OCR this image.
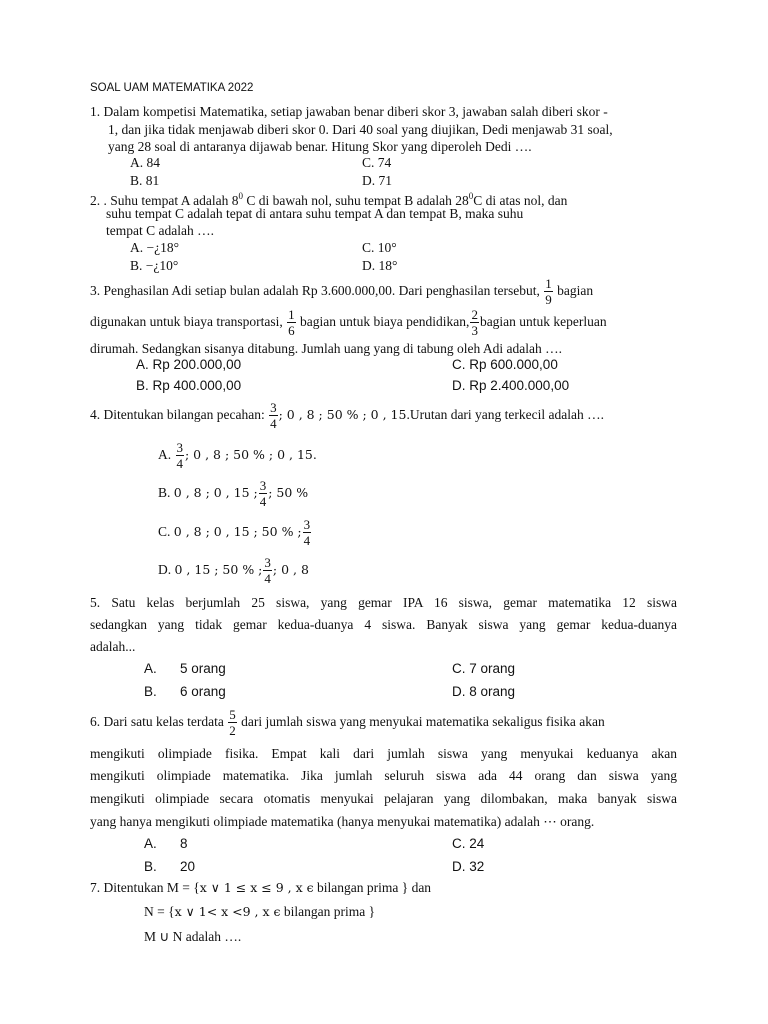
SOAL UAM MATEMATIKA 2022
1. Dalam kompetisi Matematika, setiap jawaban benar diberi skor 3, jawaban salah diberi skor -
1, dan jika tidak menjawab diberi skor 0. Dari 40 soal yang diujikan, Dedi menjawab 31 soal,
yang 28 soal di antaranya dijawab benar. Hitung Skor yang diperoleh Dedi ….
A. 84	C. 74
B. 81	D. 71
2. . Suhu tempat A adalah $8^0$ C di bawah nol, suhu tempat B adalah $28^0C$ di atas nol, dan
suhu tempat C adalah tepat di antara suhu tempat A dan tempat B, maka suhu
tempat C adalah ….
A. −¿18°	C. 10°
B. −¿10°	D. 18°
3. Penghasilan Adi setiap bulan adalah Rp 3.600.000,00. Dari penghasilan tersebut, $\frac{1}{9}$ bagian
digunakan untuk biaya transportasi, $\frac{1}{6}$ bagian untuk biaya pendidikan, $\frac{2}{3}$ bagian untuk keperluan
dirumah. Sedangkan sisanya ditabung. Jumlah uang yang di tabung oleh Adi adalah ….
A. Rp 200.000,00	C. Rp 600.000,00
B. Rp 400.000,00	D. Rp 2.400.000,00
4. Ditentukan bilangan pecahan: $\frac{3}{4}$ ; 0 , 8 ; 50 % ; 0 , 15.Urutan dari yang terkecil adalah ….
A. $\frac{3}{4}$ ; 0 , 8 ; 50 % ; 0 , 15.
B. 0 , 8 ; 0 , 15 ; $\frac{3}{4}$ ; 50 %
C. 0 , 8 ; 0 , 15 ; 50 % ; $\frac{3}{4}$
D. 0 , 15 ; 50 % ; $\frac{3}{4}$ ; 0 , 8
5. Satu kelas berjumlah 25 siswa, yang gemar IPA 16 siswa, gemar matematika 12 siswa
sedangkan yang tidak gemar kedua-duanya 4 siswa. Banyak siswa yang gemar kedua-duanya
adalah...
A. 5 orang	C. 7 orang
B. 6 orang	D. 8 orang
6. Dari satu kelas terdata $\frac{5}{2}$ dari jumlah siswa yang menyukai matematika sekaligus fisika akan
mengikuti olimpiade fisika. Empat kali dari jumlah siswa yang menyukai keduanya akan
mengikuti olimpiade matematika. Jika jumlah seluruh siswa ada 44 orang dan siswa yang
mengikuti olimpiade secara otomatis menyukai pelajaran yang dilombakan, maka banyak siswa
yang hanya mengikuti olimpiade matematika (hanya menyukai matematika) adalah ⋯ orang.
A. 8	C. 24
B. 20	D. 32
7. Ditentukan M = {x ∨ 1 ≤ x ≤ 9 , x ϵ bilangan prima } dan
N = {x ∨ 1< x <9 , x ϵ bilangan prima }
M ∪ N adalah ….
